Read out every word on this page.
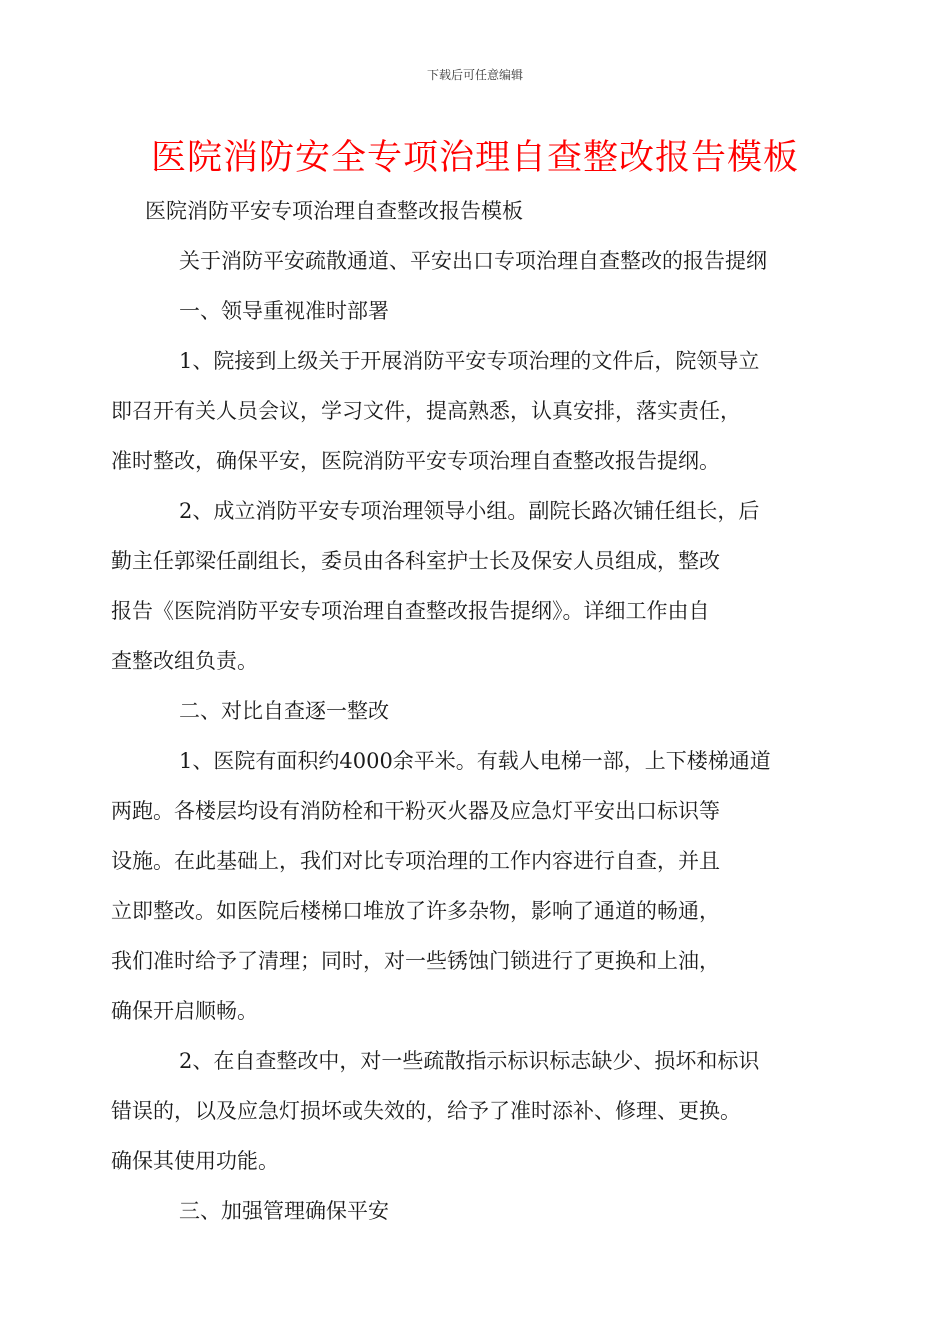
下载后可任意编辑
医院消防安全专项治理自查整改报告模板

医院消防平安专项治理自查整改报告模板

关于消防平安疏散通道、平安出口专项治理自查整改的报告提纲

一、领导重视准时部署

1、院接到上级关于开展消防平安专项治理的文件后，院领导立
即召开有关人员会议，学习文件，提高熟悉，认真安排，落实责任，
准时整改，确保平安，医院消防平安专项治理自查整改报告提纲。

2、成立消防平安专项治理领导小组。副院长路次铺任组长，后
勤主任郭梁任副组长，委员由各科室护士长及保安人员组成，整改
报告《医院消防平安专项治理自查整改报告提纲》。详细工作由自
查整改组负责。

二、对比自查逐一整改

1、医院有面积约4000余平米。有载人电梯一部，上下楼梯通道
两跑。各楼层均设有消防栓和干粉灭火器及应急灯平安出口标识等
设施。在此基础上，我们对比专项治理的工作内容进行自查，并且
立即整改。如医院后楼梯口堆放了许多杂物，影响了通道的畅通，
我们准时给予了清理；同时，对一些锈蚀门锁进行了更换和上油，
确保开启顺畅。

2、在自查整改中，对一些疏散指示标识标志缺少、损坏和标识
错误的，以及应急灯损坏或失效的，给予了准时添补、修理、更换。
确保其使用功能。

三、加强管理确保平安
